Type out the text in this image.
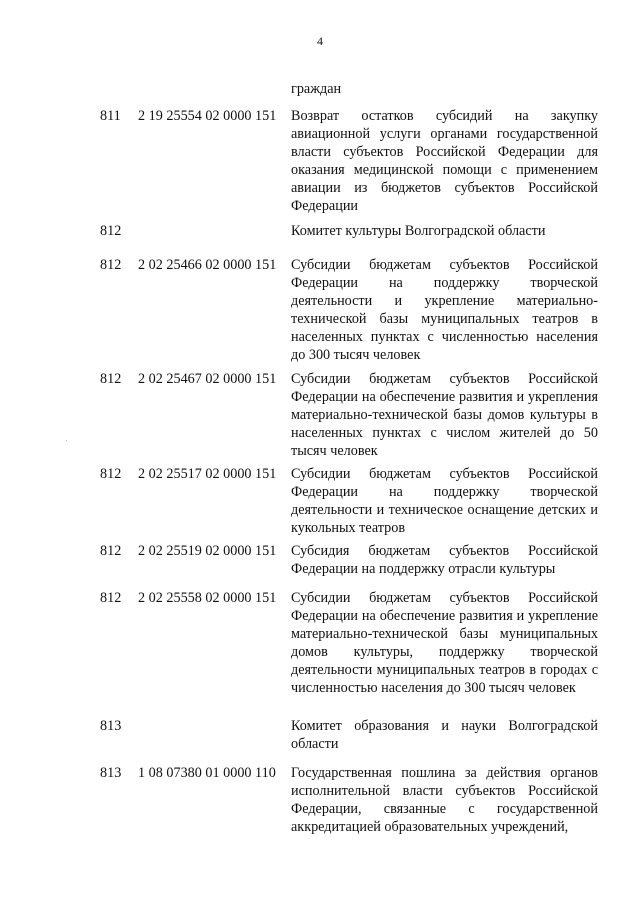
4
граждан
811 2 19 25554 02 0000 151 Возврат остатков субсидий на закупку авиационной услуги органами государственной власти субъектов Российской Федерации для оказания медицинской помощи с применением авиации из бюджетов субъектов Российской Федерации
812	Комитет культуры Волгоградской области
812 2 02 25466 02 0000 151 Субсидии бюджетам субъектов Российской Федерации на поддержку творческой деятельности и укрепление материально-технической базы муниципальных театров в населенных пунктах с численностью населения до 300 тысяч человек
812 2 02 25467 02 0000 151 Субсидии бюджетам субъектов Российской Федерации на обеспечение развития и укрепления материально-технической базы домов культуры в населенных пунктах с числом жителей до 50 тысяч человек
812 2 02 25517 02 0000 151 Субсидии бюджетам субъектов Российской Федерации на поддержку творческой деятельности и техническое оснащение детских и кукольных театров
812 2 02 25519 02 0000 151 Субсидия бюджетам субъектов Российской Федерации на поддержку отрасли культуры
812 2 02 25558 02 0000 151 Субсидии бюджетам субъектов Российской Федерации на обеспечение развития и укрепление материально-технической базы муниципальных домов культуры, поддержку творческой деятельности муниципальных театров в городах с численностью населения до 300 тысяч человек
813	Комитет образования и науки Волгоградской области
813 1 08 07380 01 0000 110 Государственная пошлина за действия органов исполнительной власти субъектов Российской Федерации, связанные с государственной аккредитацией образовательных учреждений,
